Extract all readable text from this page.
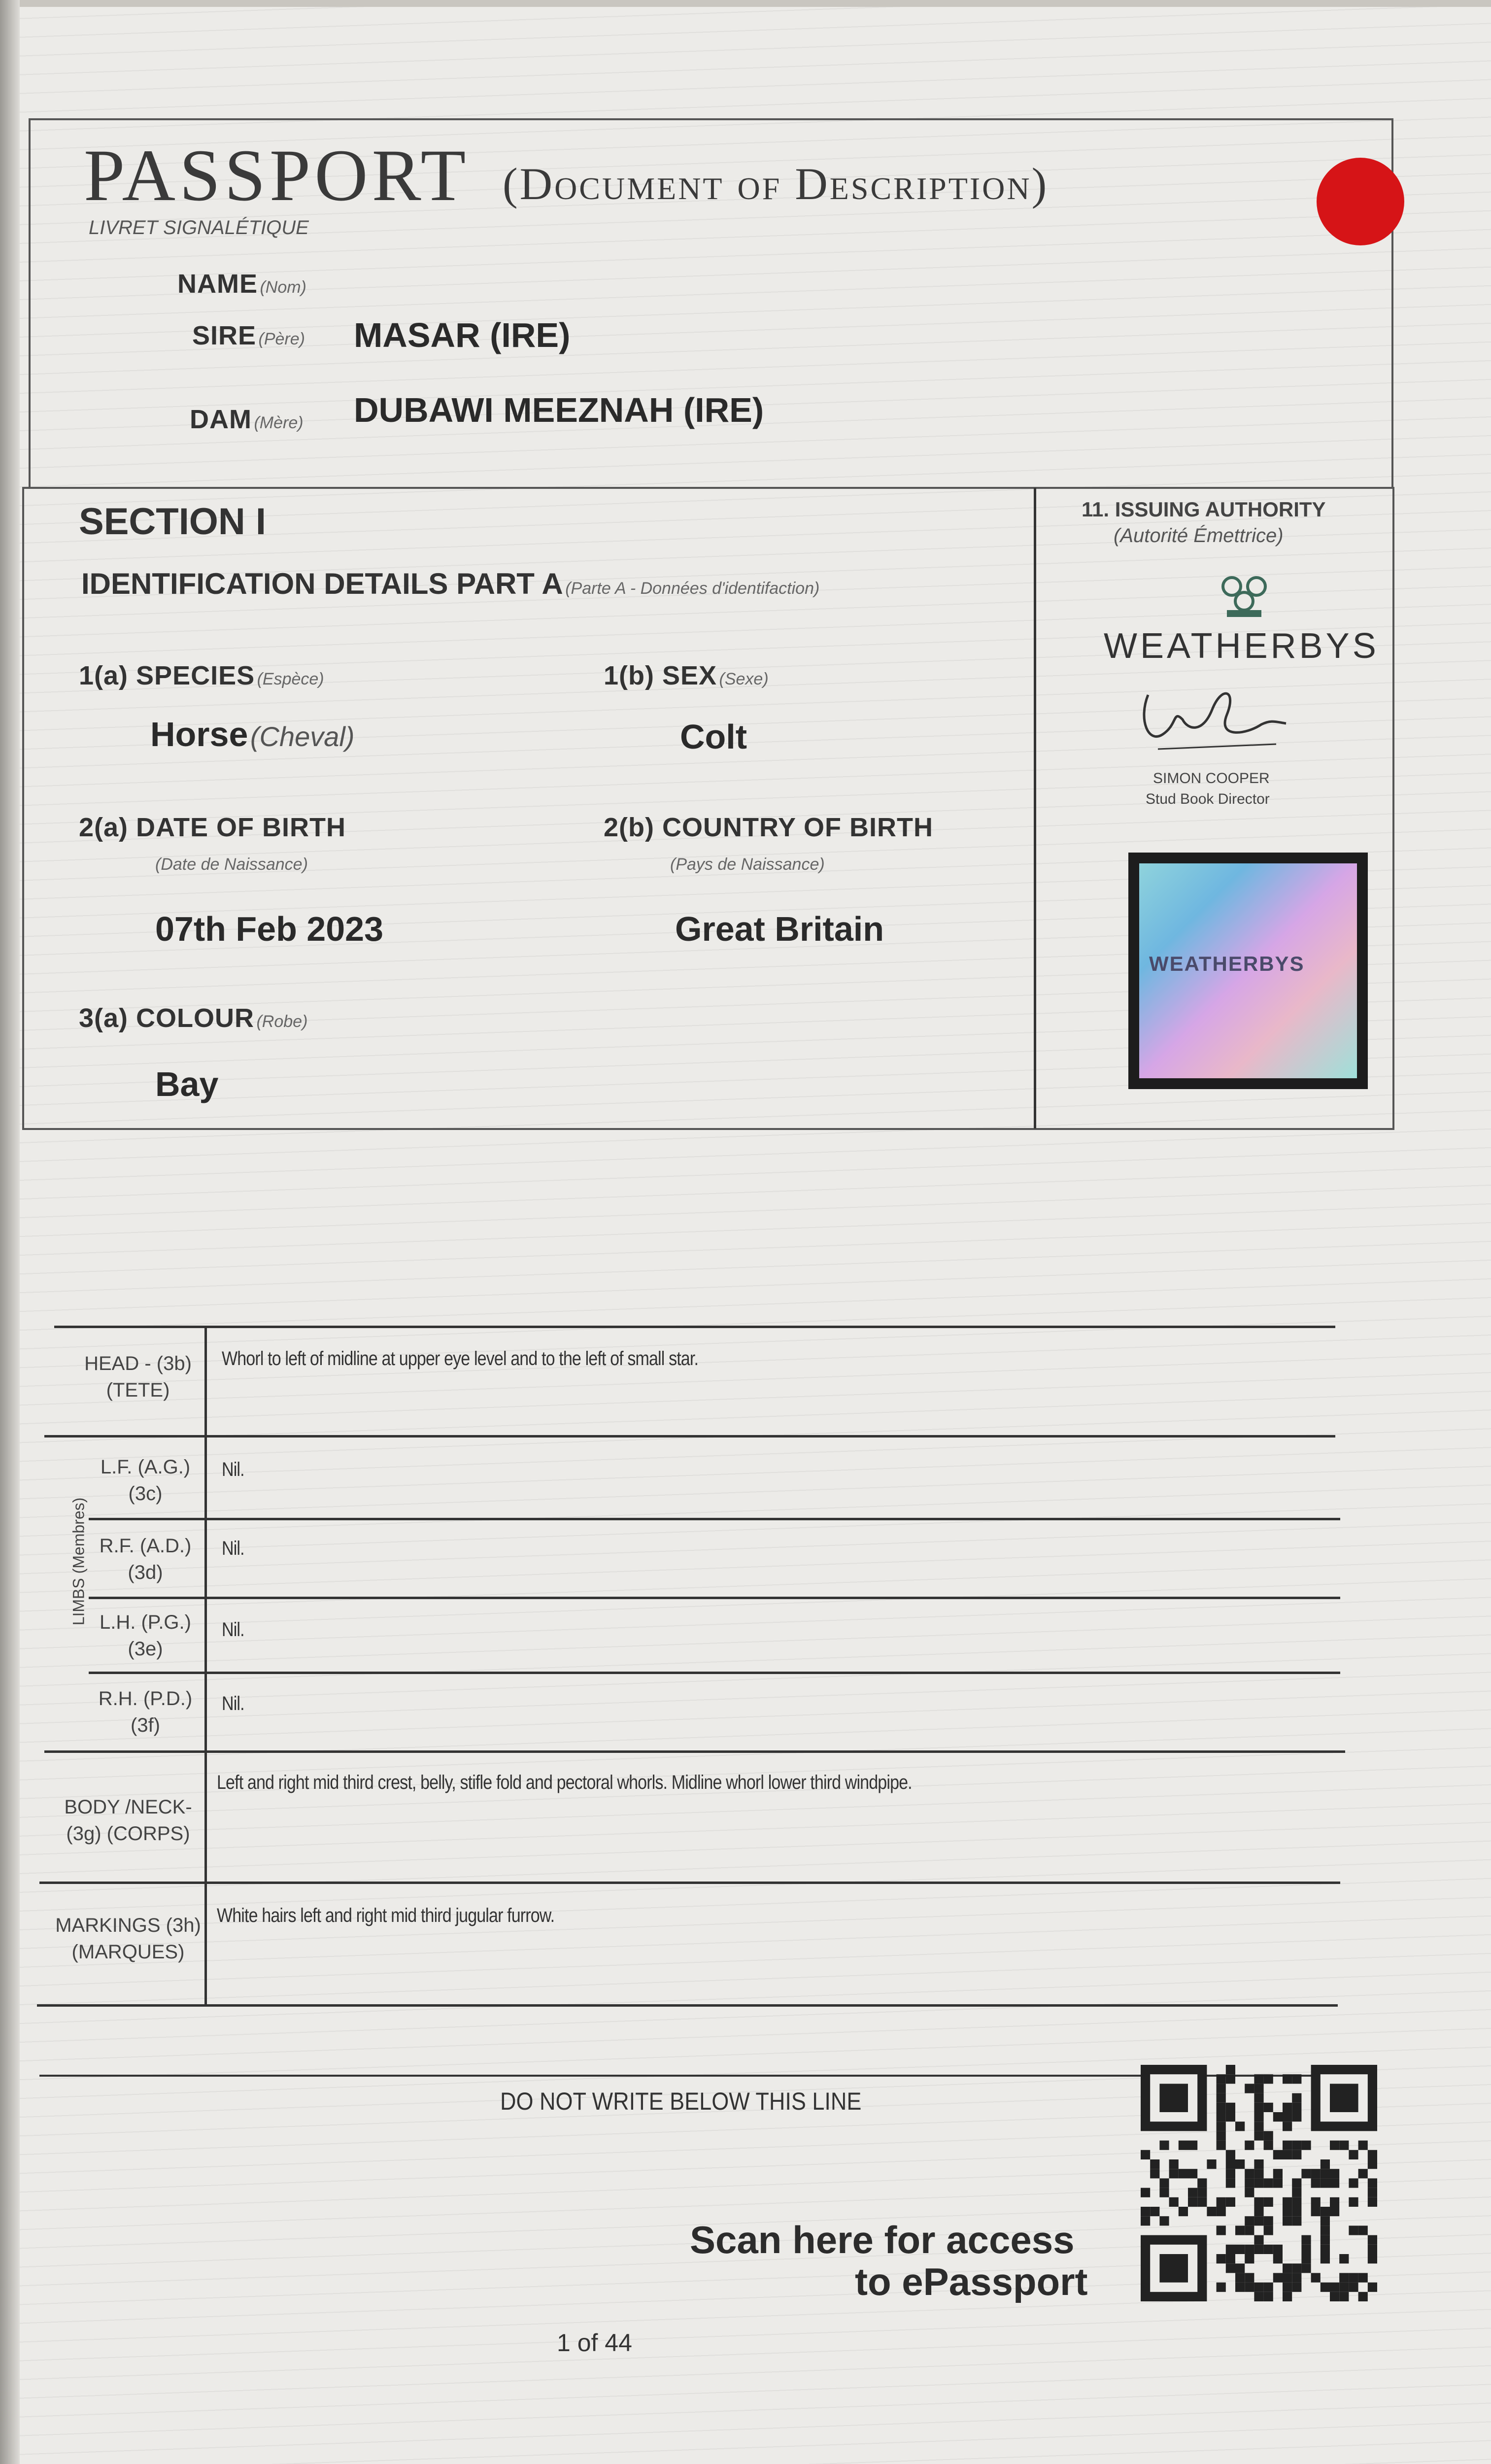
PASSPORT (Document of Description)
LIVRET SIGNALÉTIQUE
NAME (Nom)
SIRE (Père) MASAR (IRE)
DAM (Mère) DUBAWI MEEZNAH (IRE)
SECTION I
IDENTIFICATION DETAILS PART A (Parte A - Données d'identifaction)
1(a) SPECIES (Espèce)
Horse (Cheval)
1(b) SEX (Sexe)
Colt
2(a) DATE OF BIRTH
(Date de Naissance)
07th Feb 2023
2(b) COUNTRY OF BIRTH
(Pays de Naissance)
Great Britain
3(a) COLOUR (Robe)
Bay
11. ISSUING AUTHORITY
(Autorité Émettrice)
WEATHERBYS
SIMON COOPER
Stud Book Director
WEATHERBYS
LIMBS (Membres)
HEAD - (3b) (TETE)
Whorl to left of midline at upper eye level and to the left of small star.
L.F. (A.G.) (3c)
Nil.
R.F. (A.D.) (3d)
Nil.
L.H. (P.G.) (3e)
Nil.
R.H. (P.D.) (3f)
Nil.
BODY /NECK- (3g) (CORPS)
Left and right mid third crest, belly, stifle fold and pectoral whorls. Midline whorl lower third windpipe.
MARKINGS (3h) (MARQUES)
White hairs left and right mid third jugular furrow.
DO NOT WRITE BELOW THIS LINE
Scan here for access
to ePassport
1 of 44
